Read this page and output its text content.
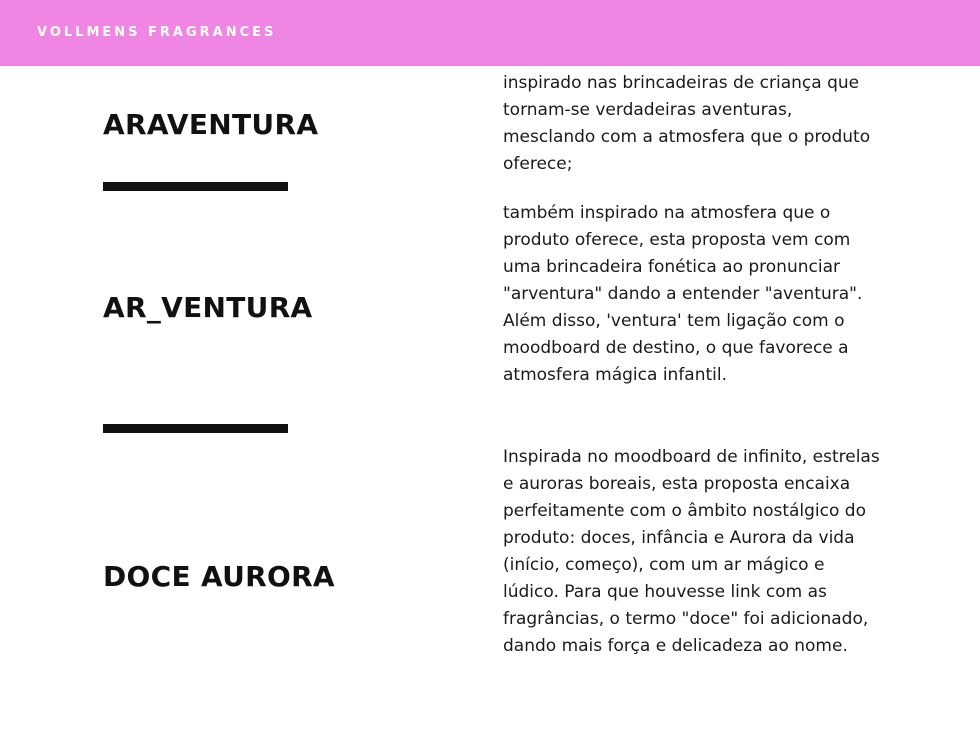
VOLLMENS FRAGRANCES
ARAVENTURA
AR_VENTURA
DOCE AURORA

inspirado nas brincadeiras de criança que tornam-se verdadeiras aventuras, mesclando com a atmosfera que o produto oferece;

também inspirado na atmosfera que o produto oferece, esta proposta vem com uma brincadeira fonética ao pronunciar "arventura" dando a entender "aventura". Além disso, 'ventura' tem ligação com o moodboard de destino, o que favorece a atmosfera mágica infantil.

Inspirada no moodboard de infinito, estrelas e auroras boreais, esta proposta encaixa perfeitamente com o âmbito nostálgico do produto: doces, infância e Aurora da vida (início, começo), com um ar mágico e lúdico. Para que houvesse link com as fragrâncias, o termo "doce" foi adicionado, dando mais força e delicadeza ao nome.
